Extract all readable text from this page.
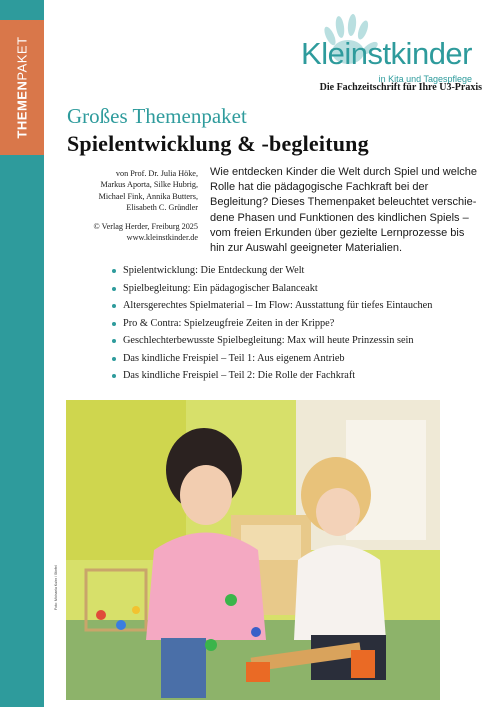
THEMENPAKET	Kleinstkinder
in Kita und Tagespflege
Die Fachzeitschrift für Ihre U3-Praxis
Großes Themenpaket
Spielentwicklung & -begleitung

von Prof. Dr. Julia Höke,

Markus Aporta, Silke Hubrig,

Michael Fink, Annika Butters,

Elisabeth C. Gründler

© Verlag Herder, Freiburg 2025

www.kleinstkinder.de

Wie entdecken Kinder die Welt durch Spiel und welche Rolle hat die pädagogische Fachkraft bei der Begleitung? Dieses Themenpaket beleuchtet verschiedene Phasen und Funktionen des kindlichen Spiels – vom freien Erkunden über gezielte Lernprozesse bis hin zur Auswahl geeigneter Materialien.
Spielentwicklung: Die Entdeckung der Welt
Spielbegleitung: Ein pädagogischer Balanceakt
Altersgerechtes Spielmaterial – Im Flow: Ausstattung für tiefes Eintauchen
Pro & Contra: Spielzeugfreie Zeiten in der Krippe?
Geschlechterbewusste Spielbegleitung: Max will heute Prinzessin sein
Das kindliche Freispiel – Teil 1: Aus eigenem Antrieb
Das kindliche Freispiel – Teil 2: Die Rolle der Fachkraft
Foto: Michaela Kuhn / Stiefel
